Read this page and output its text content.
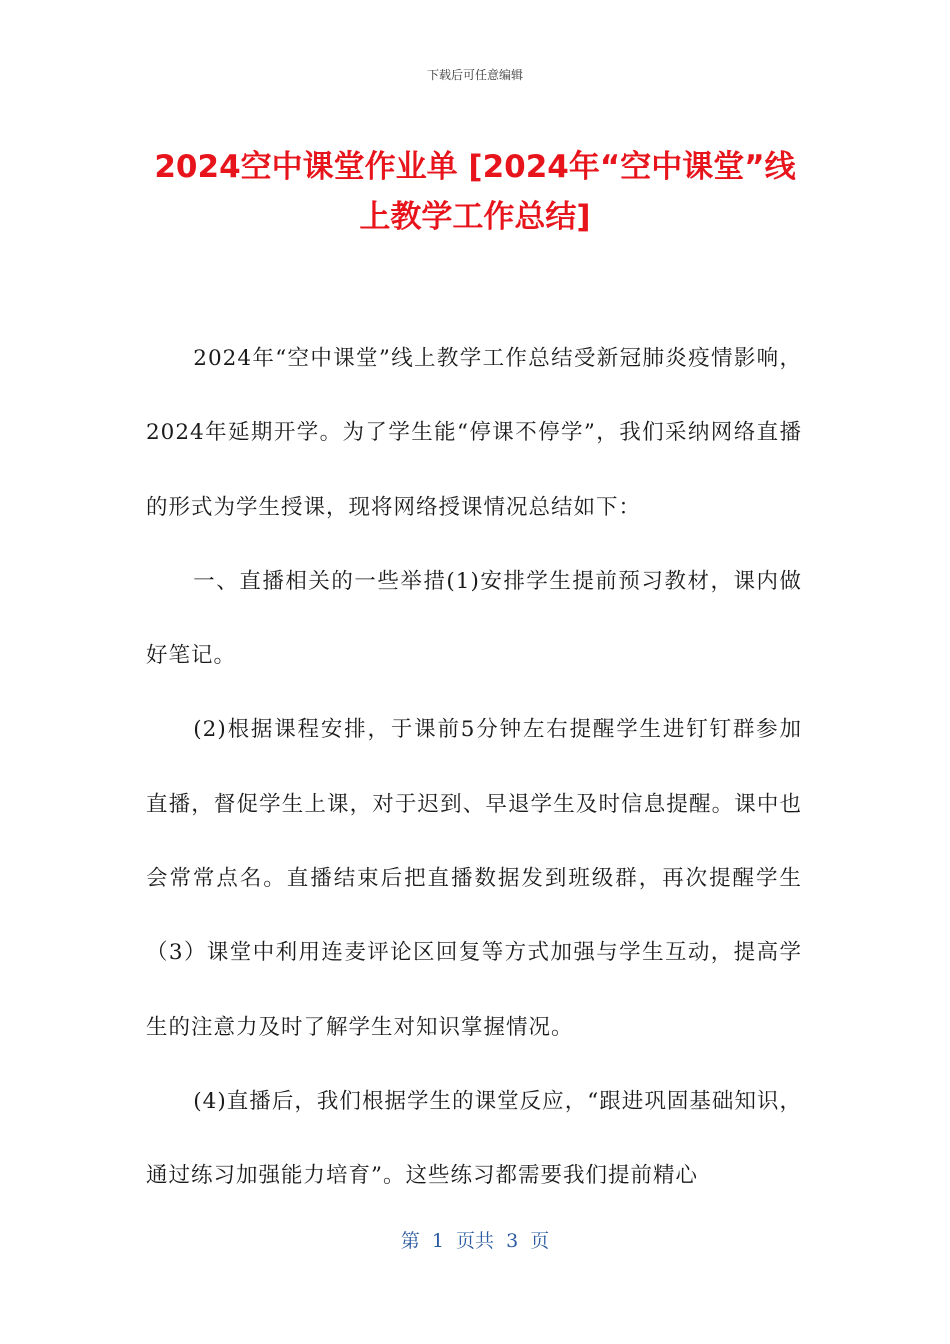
下载后可任意编辑
2024空中课堂作业单 [2024年“空中课堂”线上教学工作总结]

2024年“空中课堂”线上教学工作总结受新冠肺炎疫情影响，2024年延期开学。为了学生能“停课不停学”，我们采纳网络直播的形式为学生授课，现将网络授课情况总结如下：

一、直播相关的一些举措(1)安排学生提前预习教材，课内做好笔记。

(2)根据课程安排，于课前5分钟左右提醒学生进钉钉群参加直播，督促学生上课，对于迟到、早退学生及时信息提醒。课中也会常常点名。直播结束后把直播数据发到班级群，再次提醒学生（3）课堂中利用连麦评论区回复等方式加强与学生互动，提高学生的注意力及时了解学生对知识掌握情况。

(4)直播后，我们根据学生的课堂反应，“跟进巩固基础知识，通过练习加强能力培育”。这些练习都需要我们提前精心

第  1  页共  3  页
